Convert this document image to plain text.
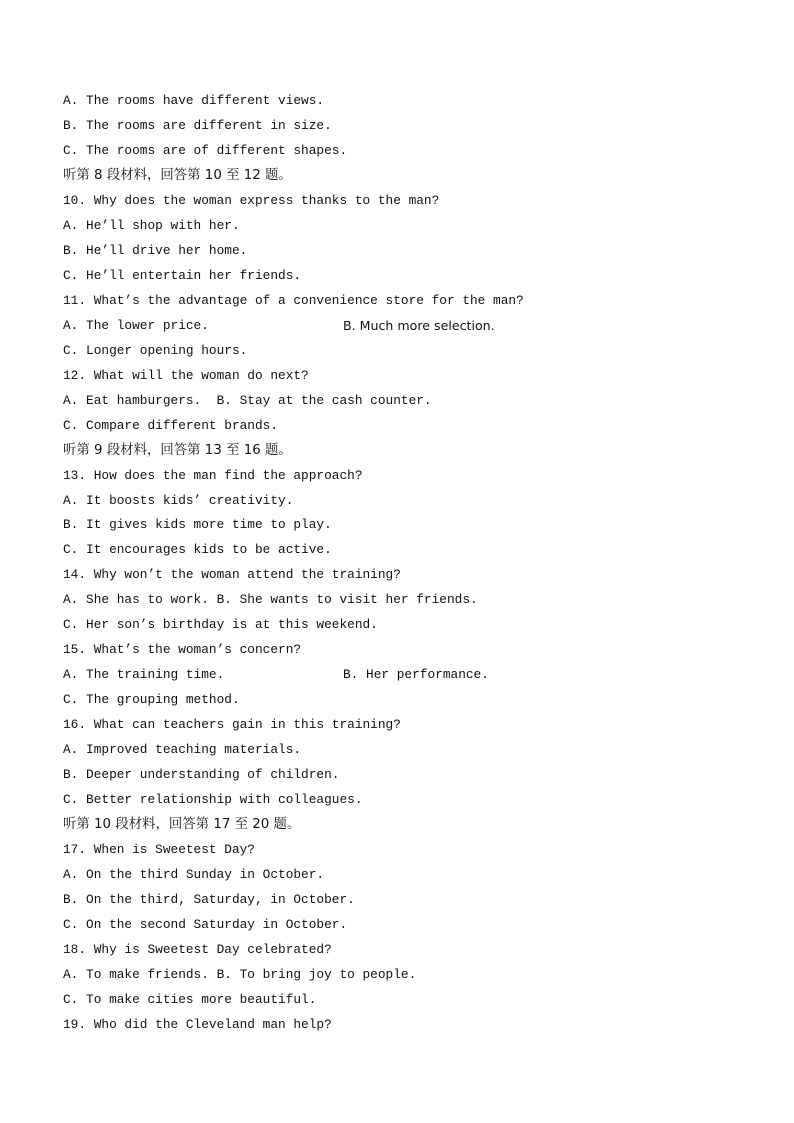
A. The rooms have different views.
B. The rooms are different in size.
C. The rooms are of different shapes.
听第 8 段材料，回答第 10 至 12 题。
10. Why does the woman express thanks to the man?
A. He’ll shop with her.
B. He’ll drive her home.
C. He’ll entertain her friends.
11. What’s the advantage of a convenience store for the man?
A. The lower price.	B. Much more selection.
C. Longer opening hours.
12. What will the woman do next?
A. Eat hamburgers.  B. Stay at the cash counter.
C. Compare different brands.
听第 9 段材料，回答第 13 至 16 题。
13. How does the man find the approach?
A. It boosts kids’ creativity.
B. It gives kids more time to play.
C. It encourages kids to be active.
14. Why won’t the woman attend the training?
A. She has to work. B. She wants to visit her friends.
C. Her son’s birthday is at this weekend.
15. What’s the woman’s concern?
A. The training time.	B. Her performance.
C. The grouping method.
16. What can teachers gain in this training?
A. Improved teaching materials.
B. Deeper understanding of children.
C. Better relationship with colleagues.
听第 10 段材料，回答第 17 至 20 题。
17. When is Sweetest Day?
A. On the third Sunday in October.
B. On the third, Saturday, in October.
C. On the second Saturday in October.
18. Why is Sweetest Day celebrated?
A. To make friends. B. To bring joy to people.
C. To make cities more beautiful.
19. Who did the Cleveland man help?
